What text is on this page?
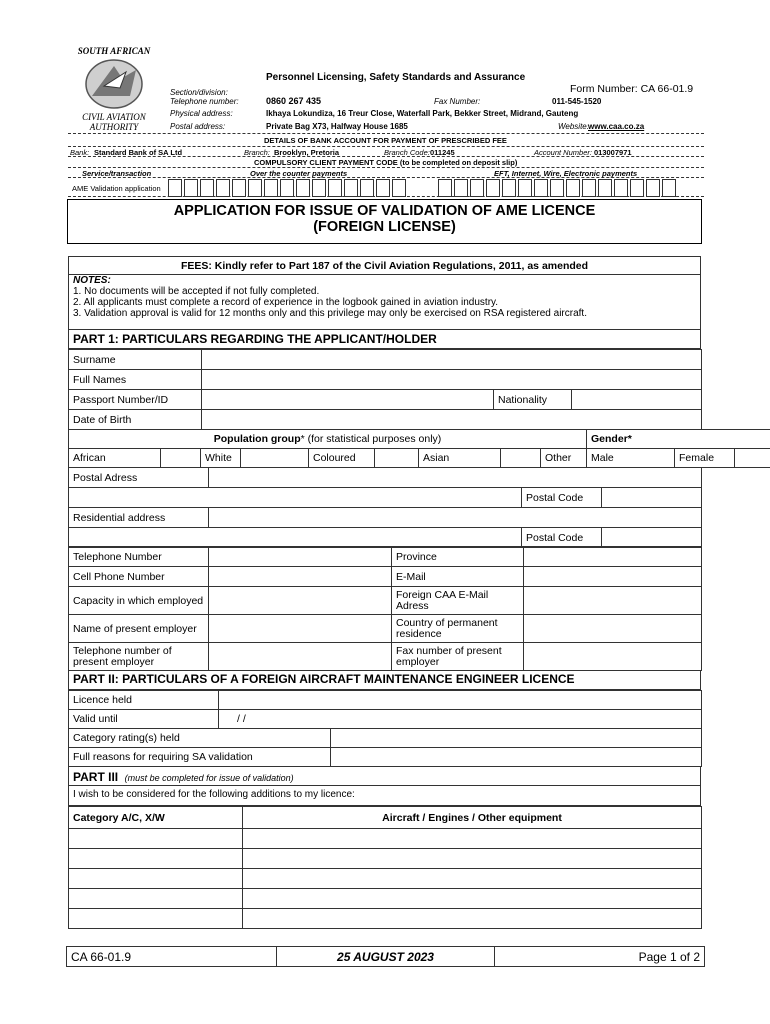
SOUTH AFRICAN
CIVIL AVIATION
AUTHORITY
Personnel Licensing, Safety Standards and Assurance
Form Number: CA 66-01.9
Section/division:
Telephone number:	0860 267 435	Fax Number:	011-545-1520
Physical address:	Ikhaya Lokundiza, 16 Treur Close, Waterfall Park, Bekker Street, Midrand, Gauteng
Postal address:	Private Bag X73, Halfway House 1685	Website: www.caa.co.za
DETAILS OF BANK ACCOUNT FOR PAYMENT OF PRESCRIBED FEE
Bank: Standard Bank of SA Ltd	Branch: Brooklyn, Pretoria	Branch Code: 011245	Account Number: 013007971
COMPULSORY CLIENT PAYMENT CODE (to be completed on deposit slip)
Service/transaction	Over the counter payments	EFT, Internet, Wire, Electronic payments
AME Validation application
APPLICATION FOR ISSUE OF VALIDATION OF AME LICENCE
(FOREIGN LICENSE)
FEES: Kindly refer to Part 187 of the Civil Aviation Regulations, 2011, as amended
NOTES:
1. No documents will be accepted if not fully completed.
2. All applicants must complete a record of experience in the logbook gained in aviation industry.
3. Validation approval is valid for 12 months only and this privilege may only be exercised on RSA registered aircraft.
PART 1: PARTICULARS REGARDING THE APPLICANT/HOLDER
Surname	
Full Names	
Passport Number/ID		Nationality	
Date of Birth	
Population group* (for statistical purposes only)									Gender*		
African		White		Coloured		Asian		Other	Male	Female	
Postal Adress			
		Postal Code	
Residential address			
		Postal Code	
Telephone Number		Province	
Cell Phone Number		E-Mail	
Capacity in which employed		Foreign CAA E-Mail Adress	
Name of present employer		Country of permanent residence	
Telephone number of present employer		Fax number of present employer	
PART II: PARTICULARS OF A FOREIGN AIRCRAFT MAINTENANCE ENGINEER LICENCE
Licence held		
Valid until	/ /	
Category rating(s) held		
Full reasons for requiring SA validation		
PART III (must be completed for issue of validation)
I wish to be considered for the following additions to my licence:
Category A/C, X/W	Aircraft / Engines / Other equipment

CA 66-01.9	25 AUGUST 2023	Page 1 of 2
